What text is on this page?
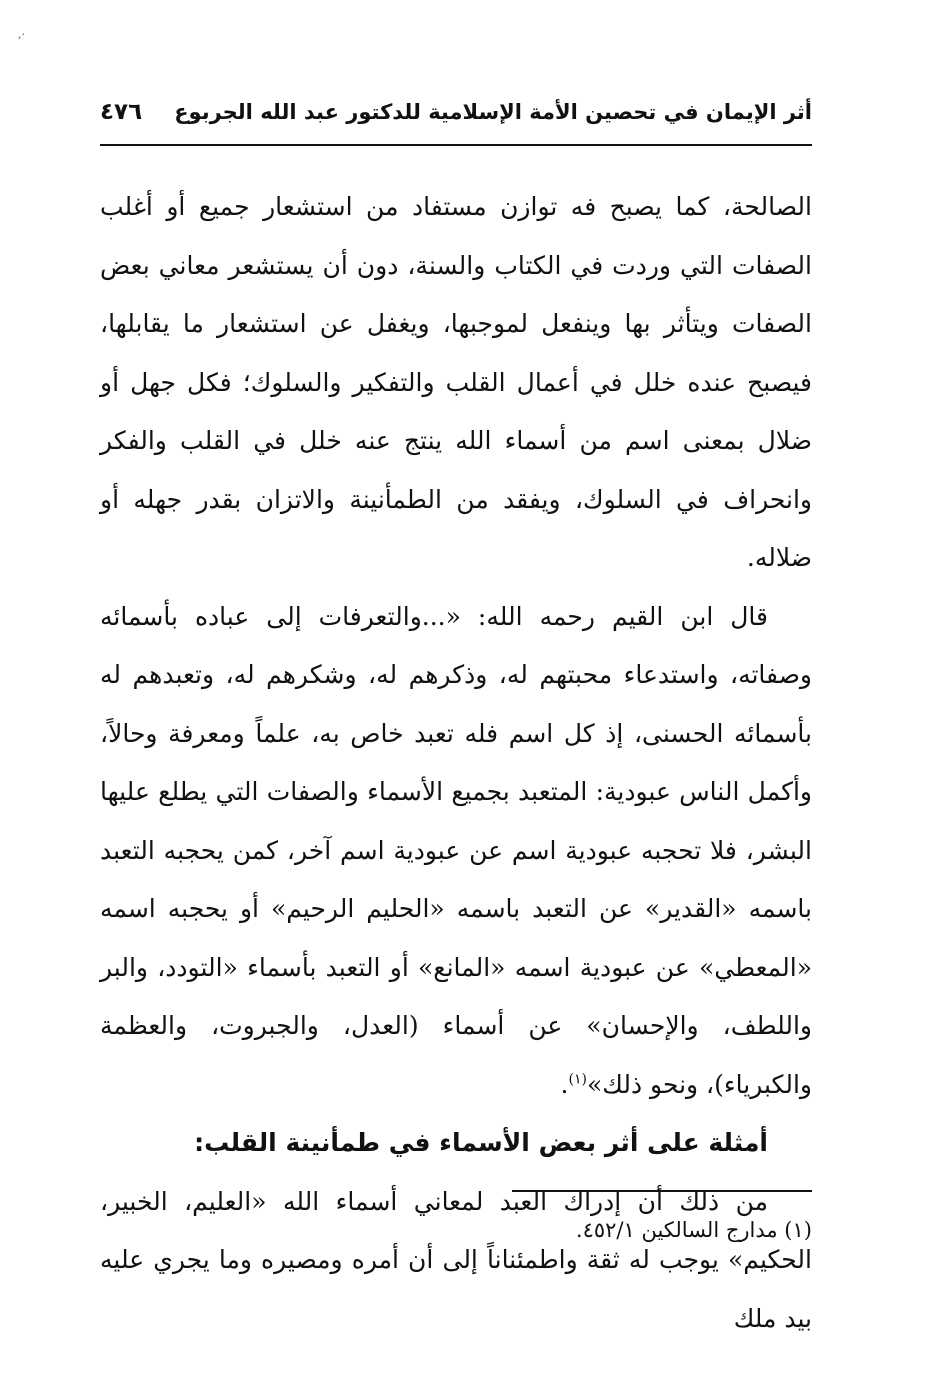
,·
أثر الإيمان في تحصين الأمة الإسلامية للدكتور عبد الله الجربوع
٤٧٦

الصالحة، كما يصبح فه توازن مستفاد من استشعار جميع أو أغلب الصفات التي وردت في الكتاب والسنة، دون أن يستشعر معاني بعض الصفات ويتأثر بها وينفعل لموجبها، ويغفل عن استشعار ما يقابلها، فيصبح عنده خلل في أعمال القلب والتفكير والسلوك؛ فكل جهل أو ضلال بمعنى اسم من أسماء الله ينتج عنه خلل في القلب والفكر وانحراف في السلوك، ويفقد من الطمأنينة والاتزان بقدر جهله أو ضلاله.

قال ابن القيم رحمه الله: «...والتعرفات إلى عباده بأسمائه وصفاته، واستدعاء محبتهم له، وذكرهم له، وشكرهم له، وتعبدهم له بأسمائه الحسنى، إذ كل اسم فله تعبد خاص به، علماً ومعرفة وحالاً، وأكمل الناس عبودية: المتعبد بجميع الأسماء والصفات التي يطلع عليها البشر، فلا تحجبه عبودية اسم عن عبودية اسم آخر، كمن يحجبه التعبد باسمه «القدير» عن التعبد باسمه «الحليم الرحيم» أو يحجبه اسمه «المعطي» عن عبودية اسمه «المانع» أو التعبد بأسماء «التودد، والبر واللطف، والإحسان» عن أسماء (العدل، والجبروت، والعظمة والكبرياء)، ونحو ذلك»$^{(١)}$.

أمثلة على أثر بعض الأسماء في طمأنينة القلب:

من ذلك أن إدراك العبد لمعاني أسماء الله «العليم، الخبير، الحكيم» يوجب له ثقة واطمئناناً إلى أن أمره ومصيره وما يجري عليه بيد ملك

(١) مدارج السالكين ٤٥٢/١.
